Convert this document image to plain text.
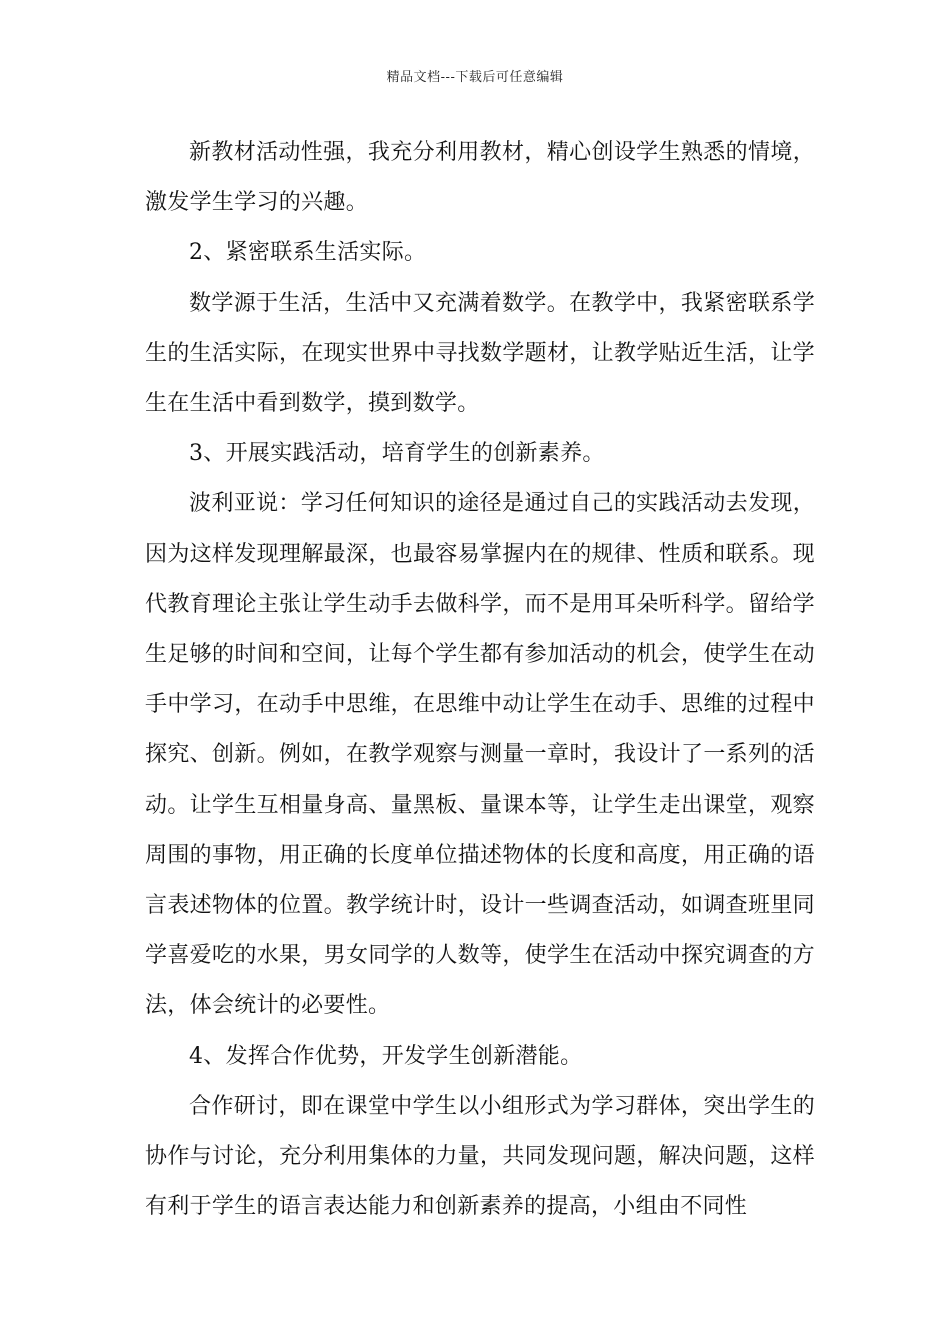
精品文档---下载后可任意编辑

新教材活动性强，我充分利用教材，精心创设学生熟悉的情境，激发学生学习的兴趣。

2、紧密联系生活实际。

数学源于生活，生活中又充满着数学。在教学中，我紧密联系学生的生活实际，在现实世界中寻找数学题材，让教学贴近生活，让学生在生活中看到数学，摸到数学。

3、开展实践活动，培育学生的创新素养。

波利亚说：学习任何知识的途径是通过自己的实践活动去发现，因为这样发现理解最深，也最容易掌握内在的规律、性质和联系。现代教育理论主张让学生动手去做科学，而不是用耳朵听科学。留给学生足够的时间和空间，让每个学生都有参加活动的机会，使学生在动手中学习，在动手中思维，在思维中动让学生在动手、思维的过程中探究、创新。例如，在教学观察与测量一章时，我设计了一系列的活动。让学生互相量身高、量黑板、量课本等，让学生走出课堂，观察周围的事物，用正确的长度单位描述物体的长度和高度，用正确的语言表述物体的位置。教学统计时，设计一些调查活动，如调查班里同学喜爱吃的水果，男女同学的人数等，使学生在活动中探究调查的方法，体会统计的必要性。

4、发挥合作优势，开发学生创新潜能。

合作研讨，即在课堂中学生以小组形式为学习群体，突出学生的协作与讨论，充分利用集体的力量，共同发现问题，解决问题，这样有利于学生的语言表达能力和创新素养的提高，小组由不同性
